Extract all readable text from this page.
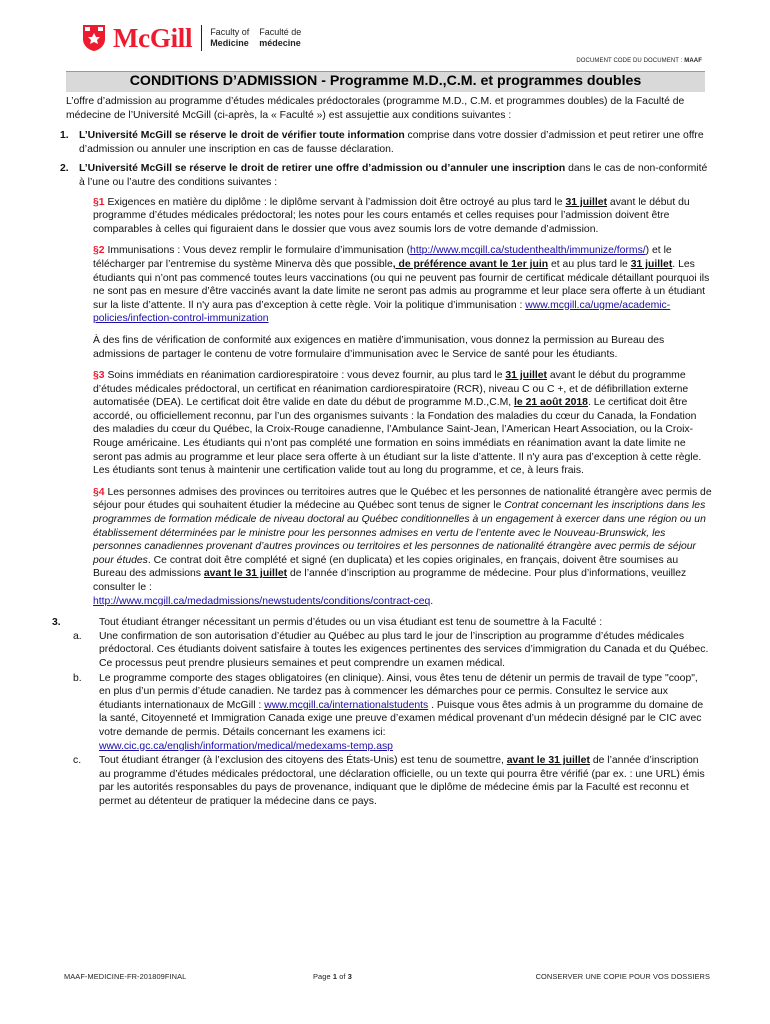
McGill Faculty of
Medicine
Faculté de
médecine
DOCUMENT CODE DU DOCUMENT : MAAF
CONDITIONS D’ADMISSION - Programme M.D.,C.M. et programmes doubles

L’offre d’admission au programme d’études médicales prédoctorales (programme M.D., C.M. et programmes doubles) de la Faculté de médecine de l’Université McGill (ci-après, la « Faculté ») est assujettie aux conditions suivantes :

1. L’Université McGill se réserve le droit de vérifier toute information comprise dans votre dossier d’admission et peut retirer une offre d’admission ou annuler une inscription en cas de fausse déclaration.
2. L’Université McGill se réserve le droit de retirer une offre d’admission ou d’annuler une inscription dans le cas de non-conformité à l’une ou l’autre des conditions suivantes :

§1 Exigences en matière du diplôme : le diplôme servant à l’admission doit être octroyé au plus tard le 31 juillet avant le début du programme d’études médicales prédoctoral; les notes pour les cours entamés et celles requises pour l’admission doivent être comparables à celles qui figuraient dans le dossier que vous avez soumis lors de votre demande d’admission.

§2 Immunisations : Vous devez remplir le formulaire d’immunisation (http://www.mcgill.ca/studenthealth/immunize/forms/) et le télécharger par l’entremise du système Minerva dès que possible, de préférence avant le 1er juin et au plus tard le 31 juillet. Les étudiants qui n’ont pas commencé toutes leurs vaccinations (ou qui ne peuvent pas fournir de certificat médicale détaillant pourquoi ils ne sont pas en mesure d’être vaccinés avant la date limite ne seront pas admis au programme et leur place sera offerte à un étudiant sur la liste d’attente. Il n'y aura pas d’exception à cette règle. Voir la politique d’immunisation : www.mcgill.ca/ugme/academic-policies/infection-control-immunization

À des fins de vérification de conformité aux exigences en matière d’immunisation, vous donnez la permission au Bureau des admissions de partager le contenu de votre formulaire d’immunisation avec le Service de santé pour les étudiants.

§3 Soins immédiats en réanimation cardiorespiratoire : vous devez fournir, au plus tard le 31 juillet avant le début du programme d’études médicales prédoctoral, un certificat en réanimation cardiorespiratoire (RCR), niveau C ou C +, et de défibrillation externe automatisée (DEA). Le certificat doit être valide en date du début de programme M.D.,C.M, le 21 août 2018. Le certificat doit être accordé, ou officiellement reconnu, par l’un des organismes suivants : la Fondation des maladies du cœur du Canada, la Fondation des maladies du cœur du Québec, la Croix-Rouge canadienne, l’Ambulance Saint-Jean, l’American Heart Association, ou la Croix-Rouge américaine. Les étudiants qui n’ont pas complété une formation en soins immédiats en réanimation avant la date limite ne seront pas admis au programme et leur place sera offerte à un étudiant sur la liste d’attente. Il n'y aura pas d’exception à cette règle. Les étudiants sont tenus à maintenir une certification valide tout au long du programme, et ce, à leurs frais.

§4 Les personnes admises des provinces ou territoires autres que le Québec et les personnes de nationalité étrangère avec permis de séjour pour études qui souhaitent étudier la médecine au Québec sont tenus de signer le Contrat concernant les inscriptions dans les programmes de formation médicale de niveau doctoral au Québec conditionnelles à un engagement à exercer dans une région ou un établissement déterminées par le ministre pour les personnes admises en vertu de l’entente avec le Nouveau-Brunswick, les personnes canadiennes provenant d’autres provinces ou territoires et les personnes de nationalité étrangère avec permis de séjour pour études. Ce contrat doit être complété et signé (en duplicata) et les copies originales, en français, doivent être soumises au Bureau des admissions avant le 31 juillet de l’année d’inscription au programme de médecine. Pour plus d’informations, veuillez consulter le :
http://www.mcgill.ca/medadmissions/newstudents/conditions/contract-ceq.

3.	Tout étudiant étranger nécessitant un permis d’études ou un visa étudiant est tenu de soumettre à la Faculté :

a. Une confirmation de son autorisation d’étudier au Québec au plus tard le jour de l’inscription au programme d’études médicales prédoctoral. Ces étudiants doivent satisfaire à toutes les exigences pertinentes des services d’immigration du Canada et du Québec. Ce processus peut prendre plusieurs semaines et peut comprendre un examen médical.
b. Le programme comporte des stages obligatoires (en clinique). Ainsi, vous êtes tenu de détenir un permis de travail de type "coop", en plus d’un permis d’étude canadien. Ne tardez pas à commencer les démarches pour ce permis. Consultez le service aux étudiants internationaux de McGill : www.mcgill.ca/internationalstudents . Puisque vous êtes admis à un programme du domaine de la santé, Citoyenneté et Immigration Canada exige une preuve d’examen médical provenant d’un médecin désigné par le CIC avec votre demande de permis. Détails concernant les examens ici:
www.cic.gc.ca/english/information/medical/medexams-temp.asp
c. Tout étudiant étranger (à l’exclusion des citoyens des États-Unis) est tenu de soumettre, avant le 31 juillet de l’année d’inscription au programme d’études médicales prédoctoral, une déclaration officielle, ou un texte qui pourra être vérifié (par ex. : une URL) émis par les autorités responsables du pays de provenance, indiquant que le diplôme de médecine émis par la Faculté est reconnu et permet au détenteur de pratiquer la médecine dans ce pays.
MAAF-MEDICINE-FR-201809FINAL	Page 1 of 3	CONSERVER UNE COPIE POUR VOS DOSSIERS
